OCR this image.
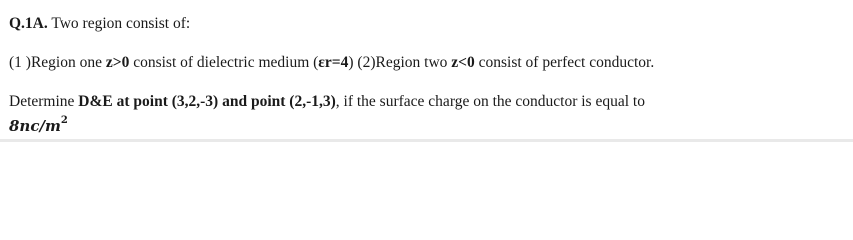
Q.1A. Two region consist of:
(1 )Region one z>0 consist of dielectric medium (εr=4) (2)Region two z<0 consist of perfect conductor.
Determine D&E at point (3,2,-3) and point (2,-1,3), if the surface charge on the conductor is equal to
$8nc/m^2$
